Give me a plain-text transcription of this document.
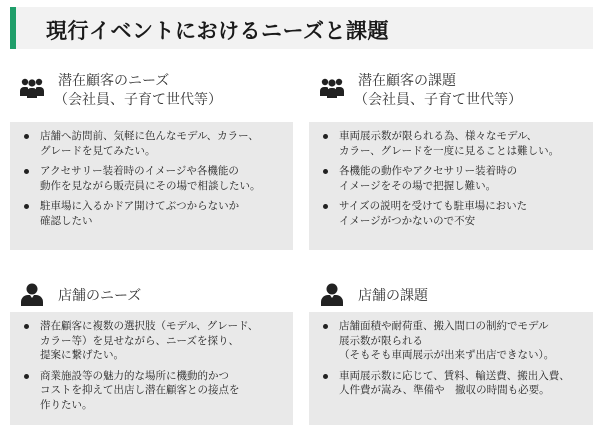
現行イベントにおけるニーズと課題
潜在顧客のニーズ
（会社員、子育て世代等）
店舗へ訪問前、気軽に色んなモデル、カラー、
グレードを見てみたい。
アクセサリー装着時のイメージや各機能の
動作を見ながら販売員にその場で相談したい。
駐車場に入るかドア開けてぶつからないか
確認したい
潜在顧客の課題
（会社員、子育て世代等）
車両展示数が限られる為、様々なモデル、
カラー、グレードを一度に見ることは難しい。
各機能の動作やアクセサリー装着時の
イメージをその場で把握し難い。
サイズの説明を受けても駐車場においた
イメージがつかないので不安
店舗のニーズ
潜在顧客に複数の選択肢（モデル、グレード、
カラー等）を見せながら、ニーズを探り、
提案に繋げたい。
商業施設等の魅力的な場所に機動的かつ
コストを抑えて出店し潜在顧客との接点を
作りたい。
店舗の課題
店舗面積や耐荷重、搬入間口の制約でモデル
展示数が限られる
（そもそも車両展示が出来ず出店できない）。
車両展示数に応じて、賃料、輸送費、搬出入費、
人件費が嵩み、準備や　撤収の時間も必要。
